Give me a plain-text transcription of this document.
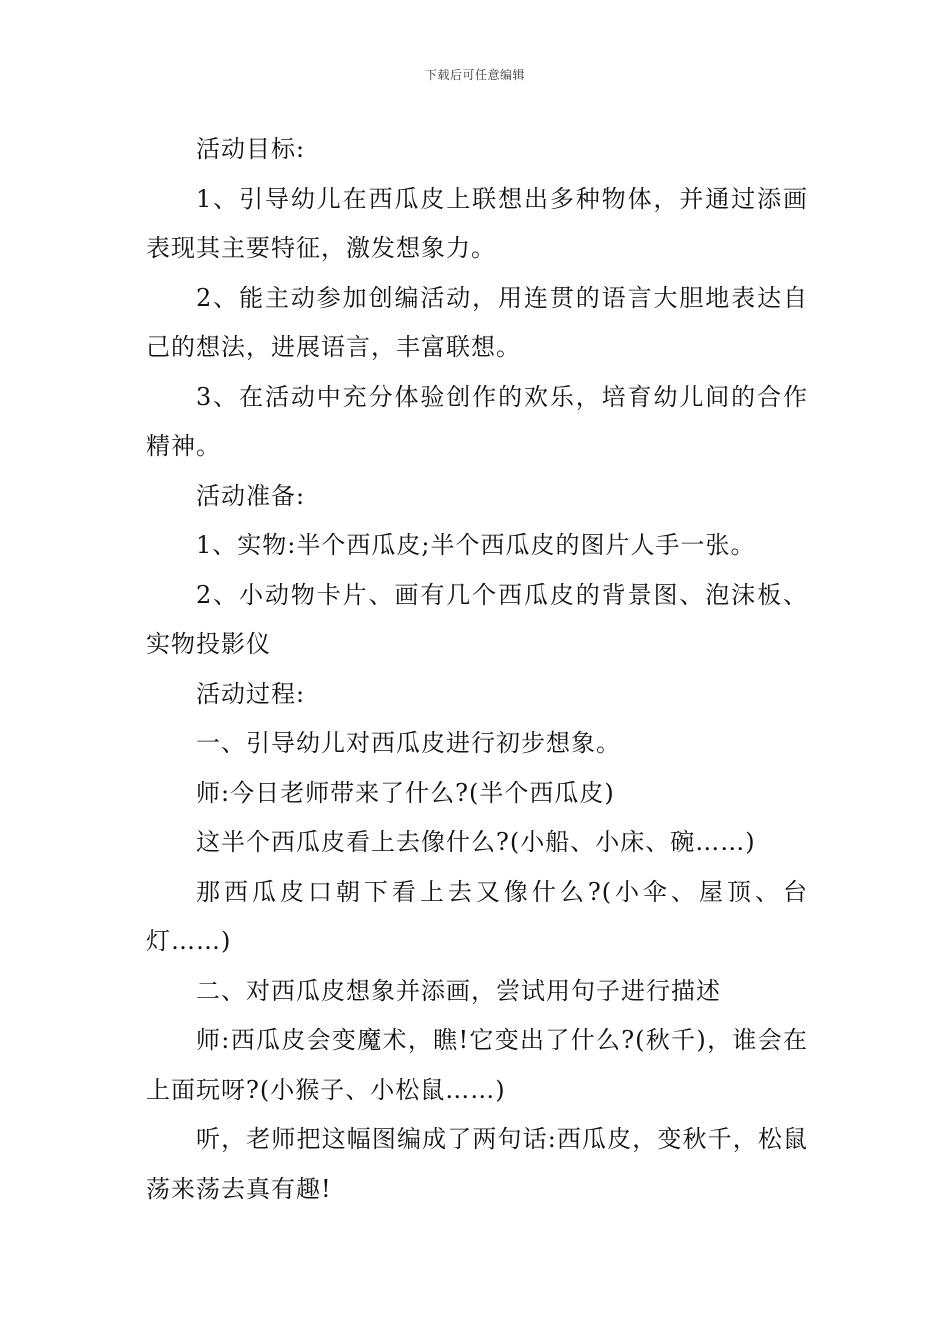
下载后可任意编辑

活动目标:

1、引导幼儿在西瓜皮上联想出多种物体，并通过添画表现其主要特征，激发想象力。

2、能主动参加创编活动，用连贯的语言大胆地表达自己的想法，进展语言，丰富联想。

3、在活动中充分体验创作的欢乐，培育幼儿间的合作精神。

活动准备:

1、实物:半个西瓜皮;半个西瓜皮的图片人手一张。

2、小动物卡片、画有几个西瓜皮的背景图、泡沫板、实物投影仪

活动过程:

一、引导幼儿对西瓜皮进行初步想象。

师:今日老师带来了什么?(半个西瓜皮)

这半个西瓜皮看上去像什么?(小船、小床、碗……)

那西瓜皮口朝下看上去又像什么?(小伞、屋顶、台灯……)

二、对西瓜皮想象并添画，尝试用句子进行描述

师:西瓜皮会变魔术，瞧!它变出了什么?(秋千)，谁会在上面玩呀?(小猴子、小松鼠……)

听，老师把这幅图编成了两句话:西瓜皮，变秋千，松鼠荡来荡去真有趣!
